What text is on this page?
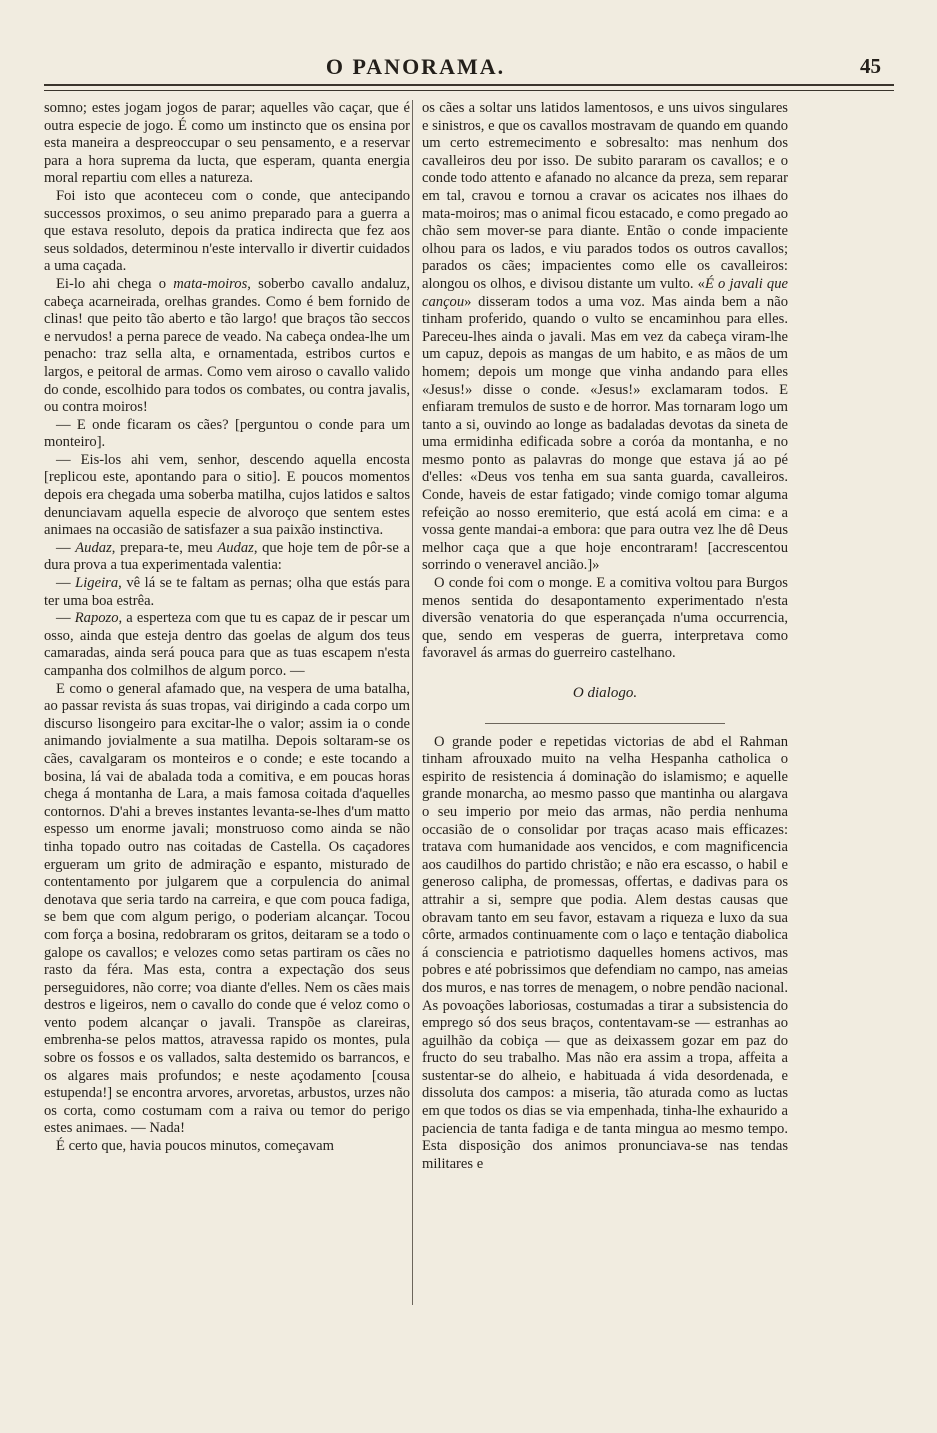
O PANORAMA.	45

somno; estes jogam jogos de parar; aquelles vão caçar, que é outra especie de jogo. É como um instincto que os ensina por esta maneira a despreoccupar o seu pensamento, e a reservar para a hora suprema da lucta, que esperam, quanta energia moral repartiu com elles a natureza.

Foi isto que aconteceu com o conde, que antecipando successos proximos, o seu animo preparado para a guerra a que estava resoluto, depois da pratica indirecta que fez aos seus soldados, determinou n'este intervallo ir divertir cuidados a uma caçada.

Ei-lo ahi chega o mata-moiros, soberbo cavallo andaluz, cabeça acarneirada, orelhas grandes. Como é bem fornido de clinas! que peito tão aberto e tão largo! que braços tão seccos e nervudos! a perna parece de veado. Na cabeça ondea-lhe um penacho: traz sella alta, e ornamentada, estribos curtos e largos, e peitoral de armas. Como vem airoso o cavallo valido do conde, escolhido para todos os combates, ou contra javalis, ou contra moiros!

— E onde ficaram os cães? [perguntou o conde para um monteiro].

— Eis-los ahi vem, senhor, descendo aquella encosta [replicou este, apontando para o sitio]. E poucos momentos depois era chegada uma soberba matilha, cujos latidos e saltos denunciavam aquella especie de alvoroço que sentem estes animaes na occasião de satisfazer a sua paixão instinctiva.

— Audaz, prepara-te, meu Audaz, que hoje tem de pôr-se a dura prova a tua experimentada valentia:

— Ligeira, vê lá se te faltam as pernas; olha que estás para ter uma boa estrêa.

— Rapozo, a esperteza com que tu es capaz de ir pescar um osso, ainda que esteja dentro das goelas de algum dos teus camaradas, ainda será pouca para que as tuas escapem n'esta campanha dos colmilhos de algum porco. —

E como o general afamado que, na vespera de uma batalha, ao passar revista ás suas tropas, vai dirigindo a cada corpo um discurso lisongeiro para excitar-lhe o valor; assim ia o conde animando jovialmente a sua matilha. Depois soltaram-se os cães, cavalgaram os monteiros e o conde; e este tocando a bosina, lá vai de abalada toda a comitiva, e em poucas horas chega á montanha de Lara, a mais famosa coitada d'aquelles contornos. D'ahi a breves instantes levanta-se-lhes d'um matto espesso um enorme javali; monstruoso como ainda se não tinha topado outro nas coitadas de Castella. Os caçadores ergueram um grito de admiração e espanto, misturado de contentamento por julgarem que a corpulencia do animal denotava que seria tardo na carreira, e que com pouca fadiga, se bem que com algum perigo, o poderiam alcançar. Tocou com força a bosina, redobraram os gritos, deitaram se a todo o galope os cavallos; e velozes como setas partiram os cães no rasto da féra. Mas esta, contra a expectação dos seus perseguidores, não corre; voa diante d'elles. Nem os cães mais destros e ligeiros, nem o cavallo do conde que é veloz como o vento podem alcançar o javali. Transpõe as clareiras, embrenha-se pelos mattos, atravessa rapido os montes, pula sobre os fossos e os vallados, salta destemido os barrancos, e os algares mais profundos; e neste açodamento [cousa estupenda!] se encontra arvores, arvoretas, arbustos, urzes não os corta, como costumam com a raiva ou temor do perigo estes animaes. — Nada!

É certo que, havia poucos minutos, começavam

os cães a soltar uns latidos lamentosos, e uns uivos singulares e sinistros, e que os cavallos mostravam de quando em quando um certo estremecimento e sobresalto: mas nenhum dos cavalleiros deu por isso. De subito pararam os cavallos; e o conde todo attento e afanado no alcance da preza, sem reparar em tal, cravou e tornou a cravar os acicates nos ilhaes do mata-moiros; mas o animal ficou estacado, e como pregado ao chão sem mover-se para diante. Então o conde impaciente olhou para os lados, e viu parados todos os outros cavallos; parados os cães; impacientes como elle os cavalleiros: alongou os olhos, e divisou distante um vulto. «É o javali que cançou» disseram todos a uma voz. Mas ainda bem a não tinham proferido, quando o vulto se encaminhou para elles. Pareceu-lhes ainda o javali. Mas em vez da cabeça viram-lhe um capuz, depois as mangas de um habito, e as mãos de um homem; depois um monge que vinha andando para elles «Jesus!» disse o conde. «Jesus!» exclamaram todos. E enfiaram tremulos de susto e de horror. Mas tornaram logo um tanto a si, ouvindo ao longe as badaladas devotas da sineta de uma ermidinha edificada sobre a coróa da montanha, e no mesmo ponto as palavras do monge que estava já ao pé d'elles: «Deus vos tenha em sua santa guarda, cavalleiros. Conde, haveis de estar fatigado; vinde comigo tomar alguma refeição ao nosso eremiterio, que está acolá em cima: e a vossa gente mandai-a embora: que para outra vez lhe dê Deus melhor caça que a que hoje encontraram! [accrescentou sorrindo o veneravel ancião.]»

O conde foi com o monge. E a comitiva voltou para Burgos menos sentida do desapontamento experimentado n'esta diversão venatoria do que esperançada n'uma occurrencia, que, sendo em vesperas de guerra, interpretava como favoravel ás armas do guerreiro castelhano.

O dialogo.

O grande poder e repetidas victorias de abd el Rahman tinham afrouxado muito na velha Hespanha catholica o espirito de resistencia á dominação do islamismo; e aquelle grande monarcha, ao mesmo passo que mantinha ou alargava o seu imperio por meio das armas, não perdia nenhuma occasião de o consolidar por traças acaso mais efficazes: tratava com humanidade aos vencidos, e com magnificencia aos caudilhos do partido christão; e não era escasso, o habil e generoso calipha, de promessas, offertas, e dadivas para os attrahir a si, sempre que podia. Alem destas causas que obravam tanto em seu favor, estavam a riqueza e luxo da sua côrte, armados continuamente com o laço e tentação diabolica á consciencia e patriotismo daquelles homens activos, mas pobres e até pobrissimos que defendiam no campo, nas ameias dos muros, e nas torres de menagem, o nobre pendão nacional. As povoações laboriosas, costumadas a tirar a subsistencia do emprego só dos seus braços, contentavam-se — estranhas ao aguilhão da cobiça — que as deixassem gozar em paz do fructo do seu trabalho. Mas não era assim a tropa, affeita a sustentar-se do alheio, e habituada á vida desordenada, e dissoluta dos campos: a miseria, tão aturada como as luctas em que todos os dias se via empenhada, tinha-lhe exhaurido a paciencia de tanta fadiga e de tanta mingua ao mesmo tempo. Esta disposição dos animos pronunciava-se nas tendas militares e
